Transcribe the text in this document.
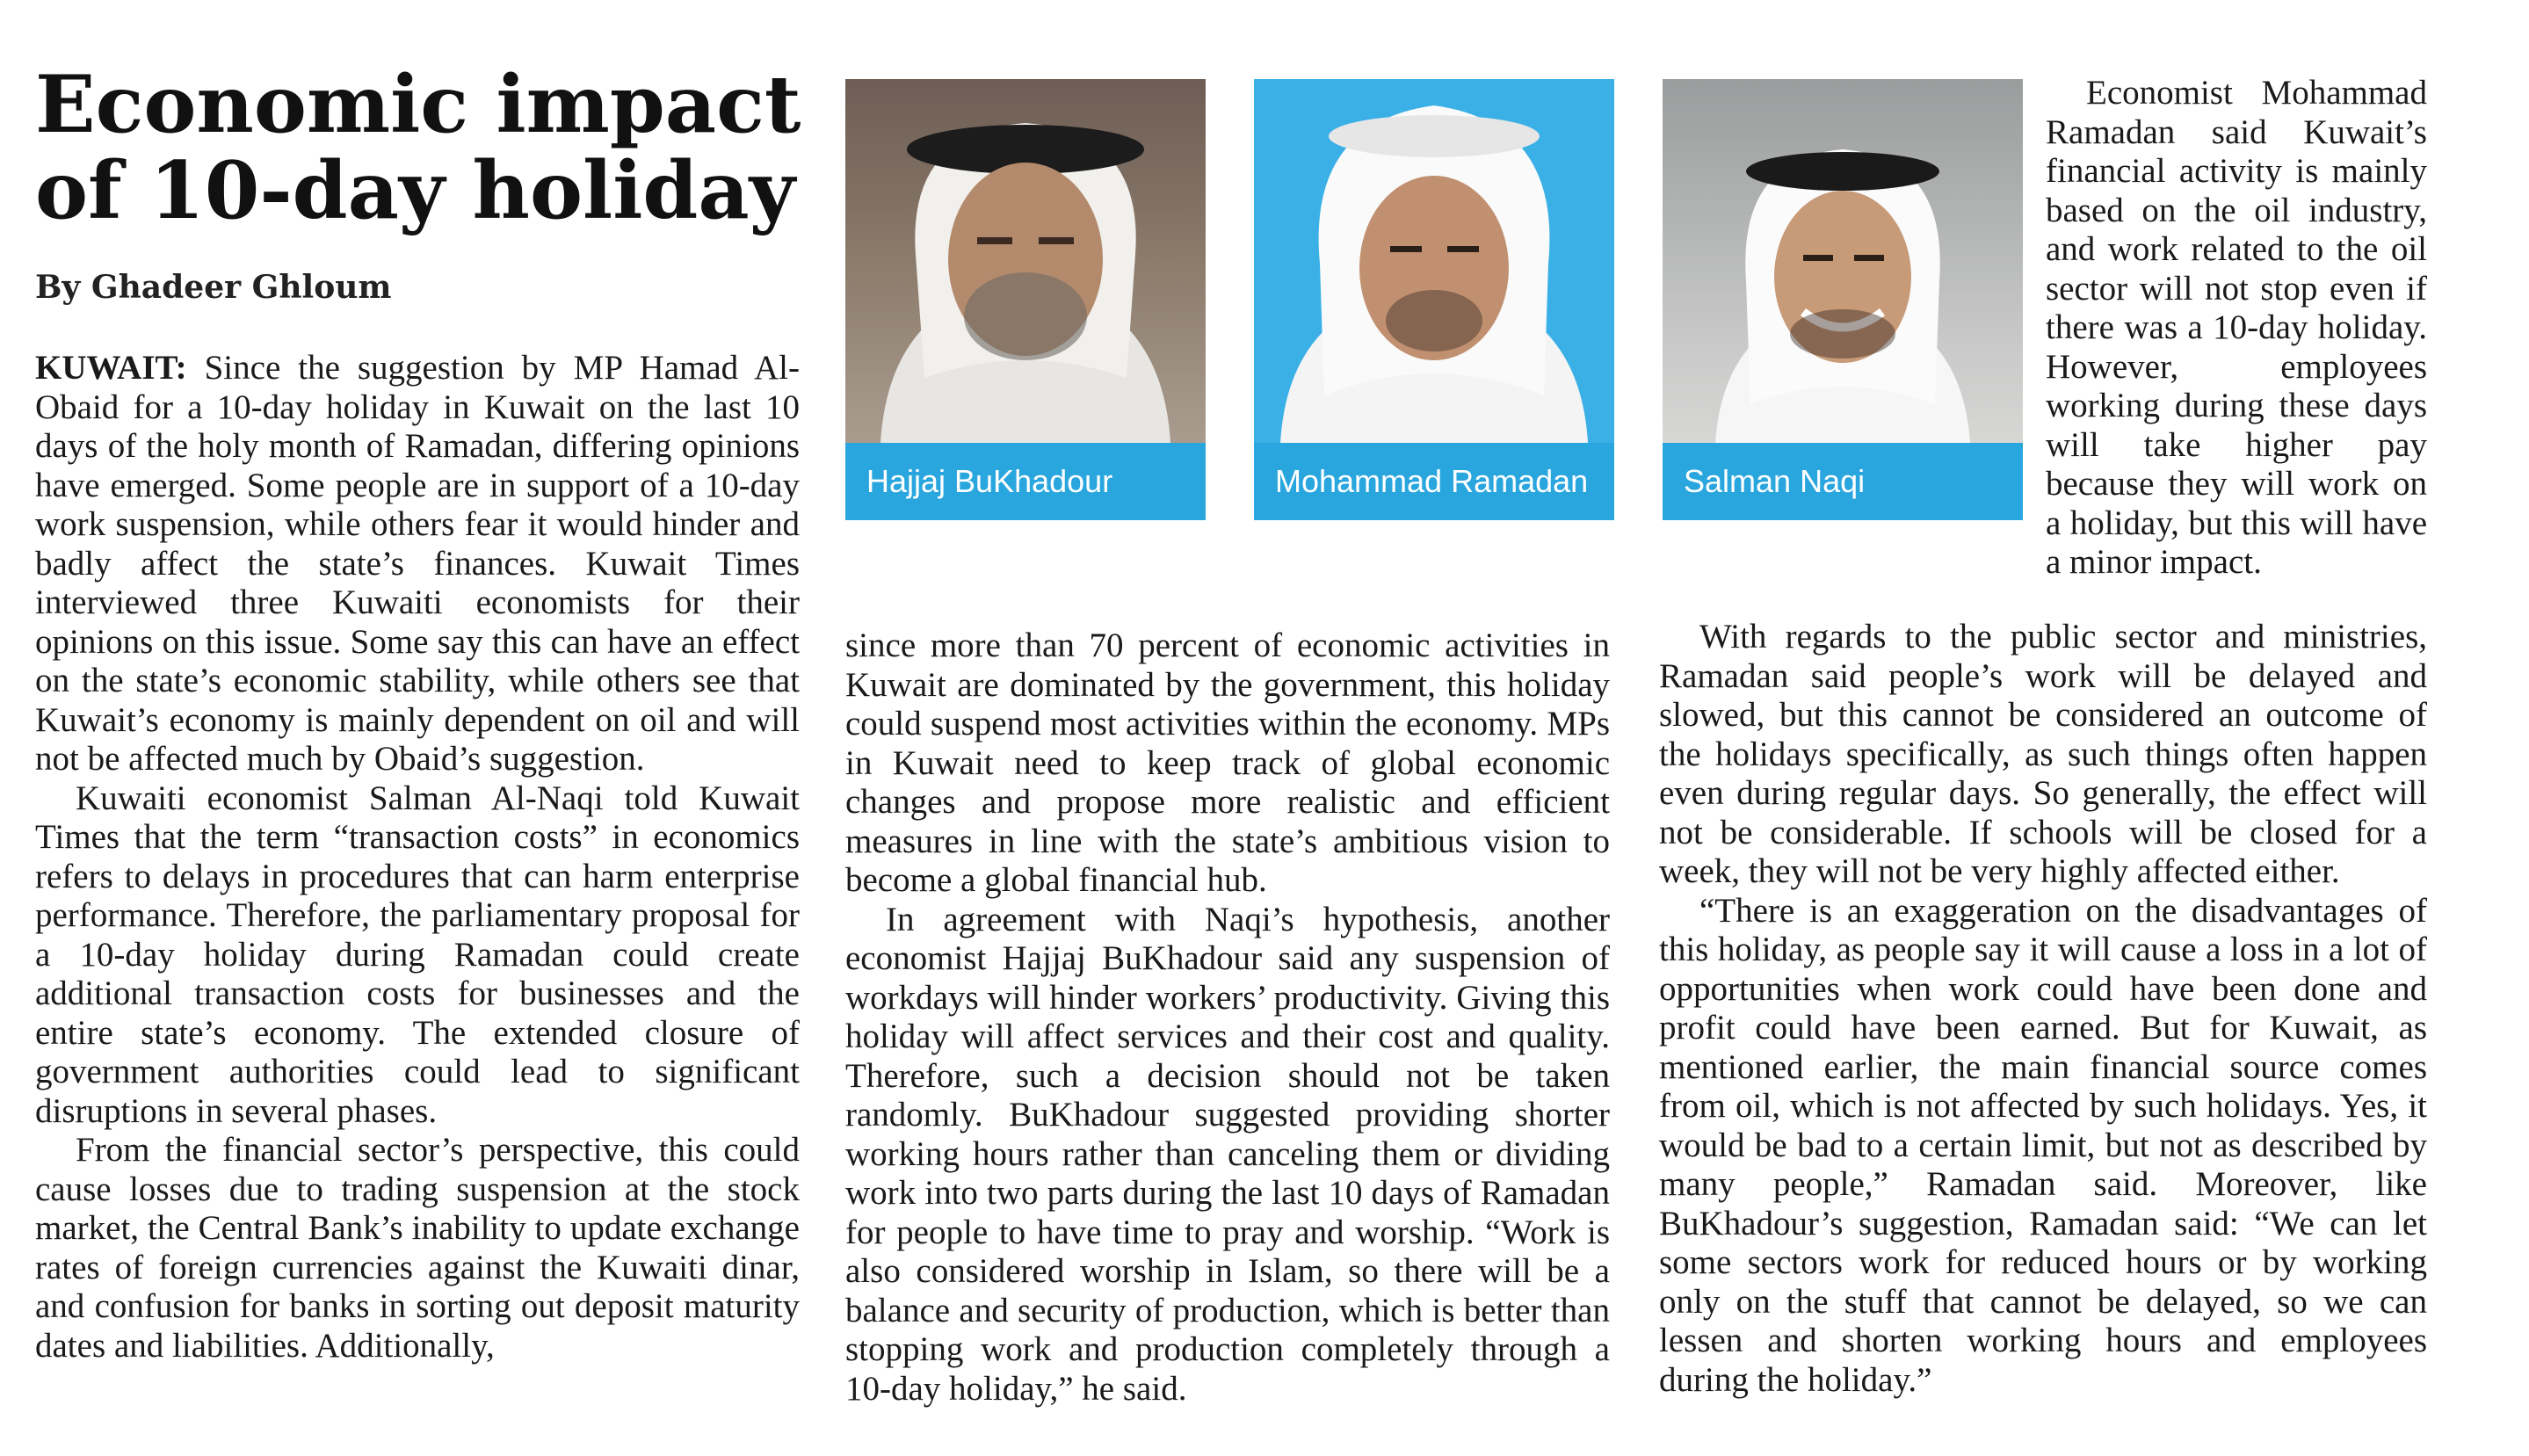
Economic impact of 10-day holiday
By Ghadeer Ghloum

KUWAIT: Since the suggestion by MP Hamad Al-Obaid for a 10-day holiday in Kuwait on the last 10 days of the holy month of Ramadan, differing opinions have emerged. Some people are in support of a 10-day work suspension, while others fear it would hinder and badly affect the state’s finances. Kuwait Times interviewed three Kuwaiti economists for their opinions on this issue. Some say this can have an effect on the state’s economic stability, while others see that Kuwait’s economy is mainly dependent on oil and will not be affected much by Obaid’s suggestion.

Kuwaiti economist Salman Al-Naqi told Kuwait Times that the term “transaction costs” in economics refers to delays in procedures that can harm enterprise performance. Therefore, the parliamentary proposal for a 10-day holiday during Ramadan could create additional transaction costs for businesses and the entire state’s economy. The extended closure of government authorities could lead to significant disruptions in several phases.

From the financial sector’s perspective, this could cause losses due to trading suspension at the stock market, the Central Bank’s inability to update exchange rates of foreign currencies against the Kuwaiti dinar, and confusion for banks in sorting out deposit maturity dates and liabilities. Additionally,

Hajjaj BuKhadour	Mohammad Ramadan	Salman Naqi

since more than 70 percent of economic activities in Kuwait are dominated by the government, this holiday could suspend most activities within the economy. MPs in Kuwait need to keep track of global economic changes and propose more realistic and efficient measures in line with the state’s ambitious vision to become a global financial hub.

In agreement with Naqi’s hypothesis, another economist Hajjaj BuKhadour said any suspension of workdays will hinder workers’ productivity. Giving this holiday will affect services and their cost and quality. Therefore, such a decision should not be taken randomly. BuKhadour suggested providing shorter working hours rather than canceling them or dividing work into two parts during the last 10 days of Ramadan for people to have time to pray and worship. “Work is also considered worship in Islam, so there will be a balance and security of production, which is better than stopping work and production completely through a 10-day holiday,” he said.

Economist Mohammad Ramadan said Kuwait’s financial activity is mainly based on the oil industry, and work related to the oil sector will not stop even if there was a 10-day holiday. However, employees working during these days will take higher pay because they will work on a holiday, but this will have a minor impact.

With regards to the public sector and ministries, Ramadan said people’s work will be delayed and slowed, but this cannot be considered an outcome of the holidays specifically, as such things often happen even during regular days. So generally, the effect will not be considerable. If schools will be closed for a week, they will not be very highly affected either.

“There is an exaggeration on the disadvantages of this holiday, as people say it will cause a loss in a lot of opportunities when work could have been done and profit could have been earned. But for Kuwait, as mentioned earlier, the main financial source comes from oil, which is not affected by such holidays. Yes, it would be bad to a certain limit, but not as described by many people,” Ramadan said. Moreover, like BuKhadour’s suggestion, Ramadan said: “We can let some sectors work for reduced hours or by working only on the stuff that cannot be delayed, so we can lessen and shorten working hours and employees during the holiday.”
